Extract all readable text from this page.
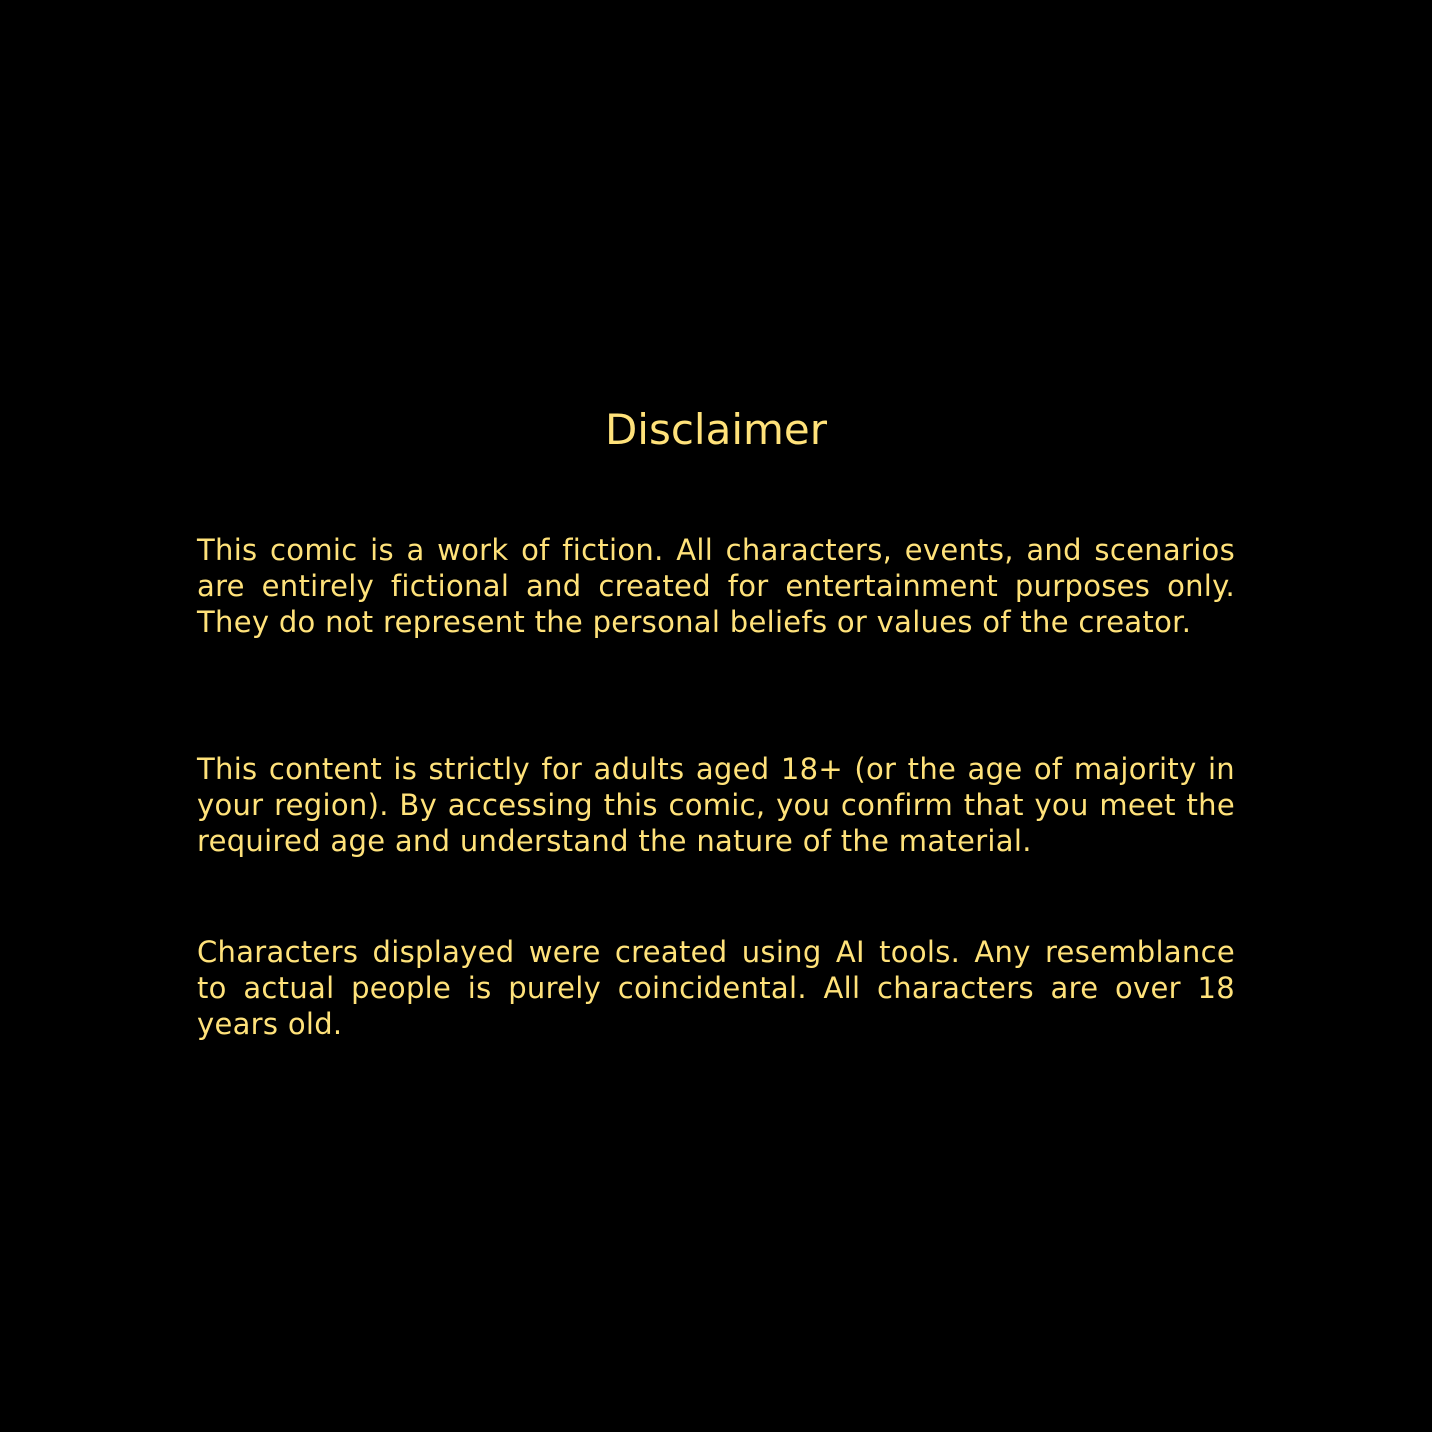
Disclaimer

This comic is a work of fiction. All characters, events, and scenarios are entirely fictional and created for entertainment purposes only. They do not represent the personal beliefs or values of the creator.

This content is strictly for adults aged 18+ (or the age of majority in your region). By accessing this comic, you confirm that you meet the required age and understand the nature of the material.

Characters displayed were created using AI tools. Any resemblance to actual people is purely coincidental. All characters are over 18 years old.
